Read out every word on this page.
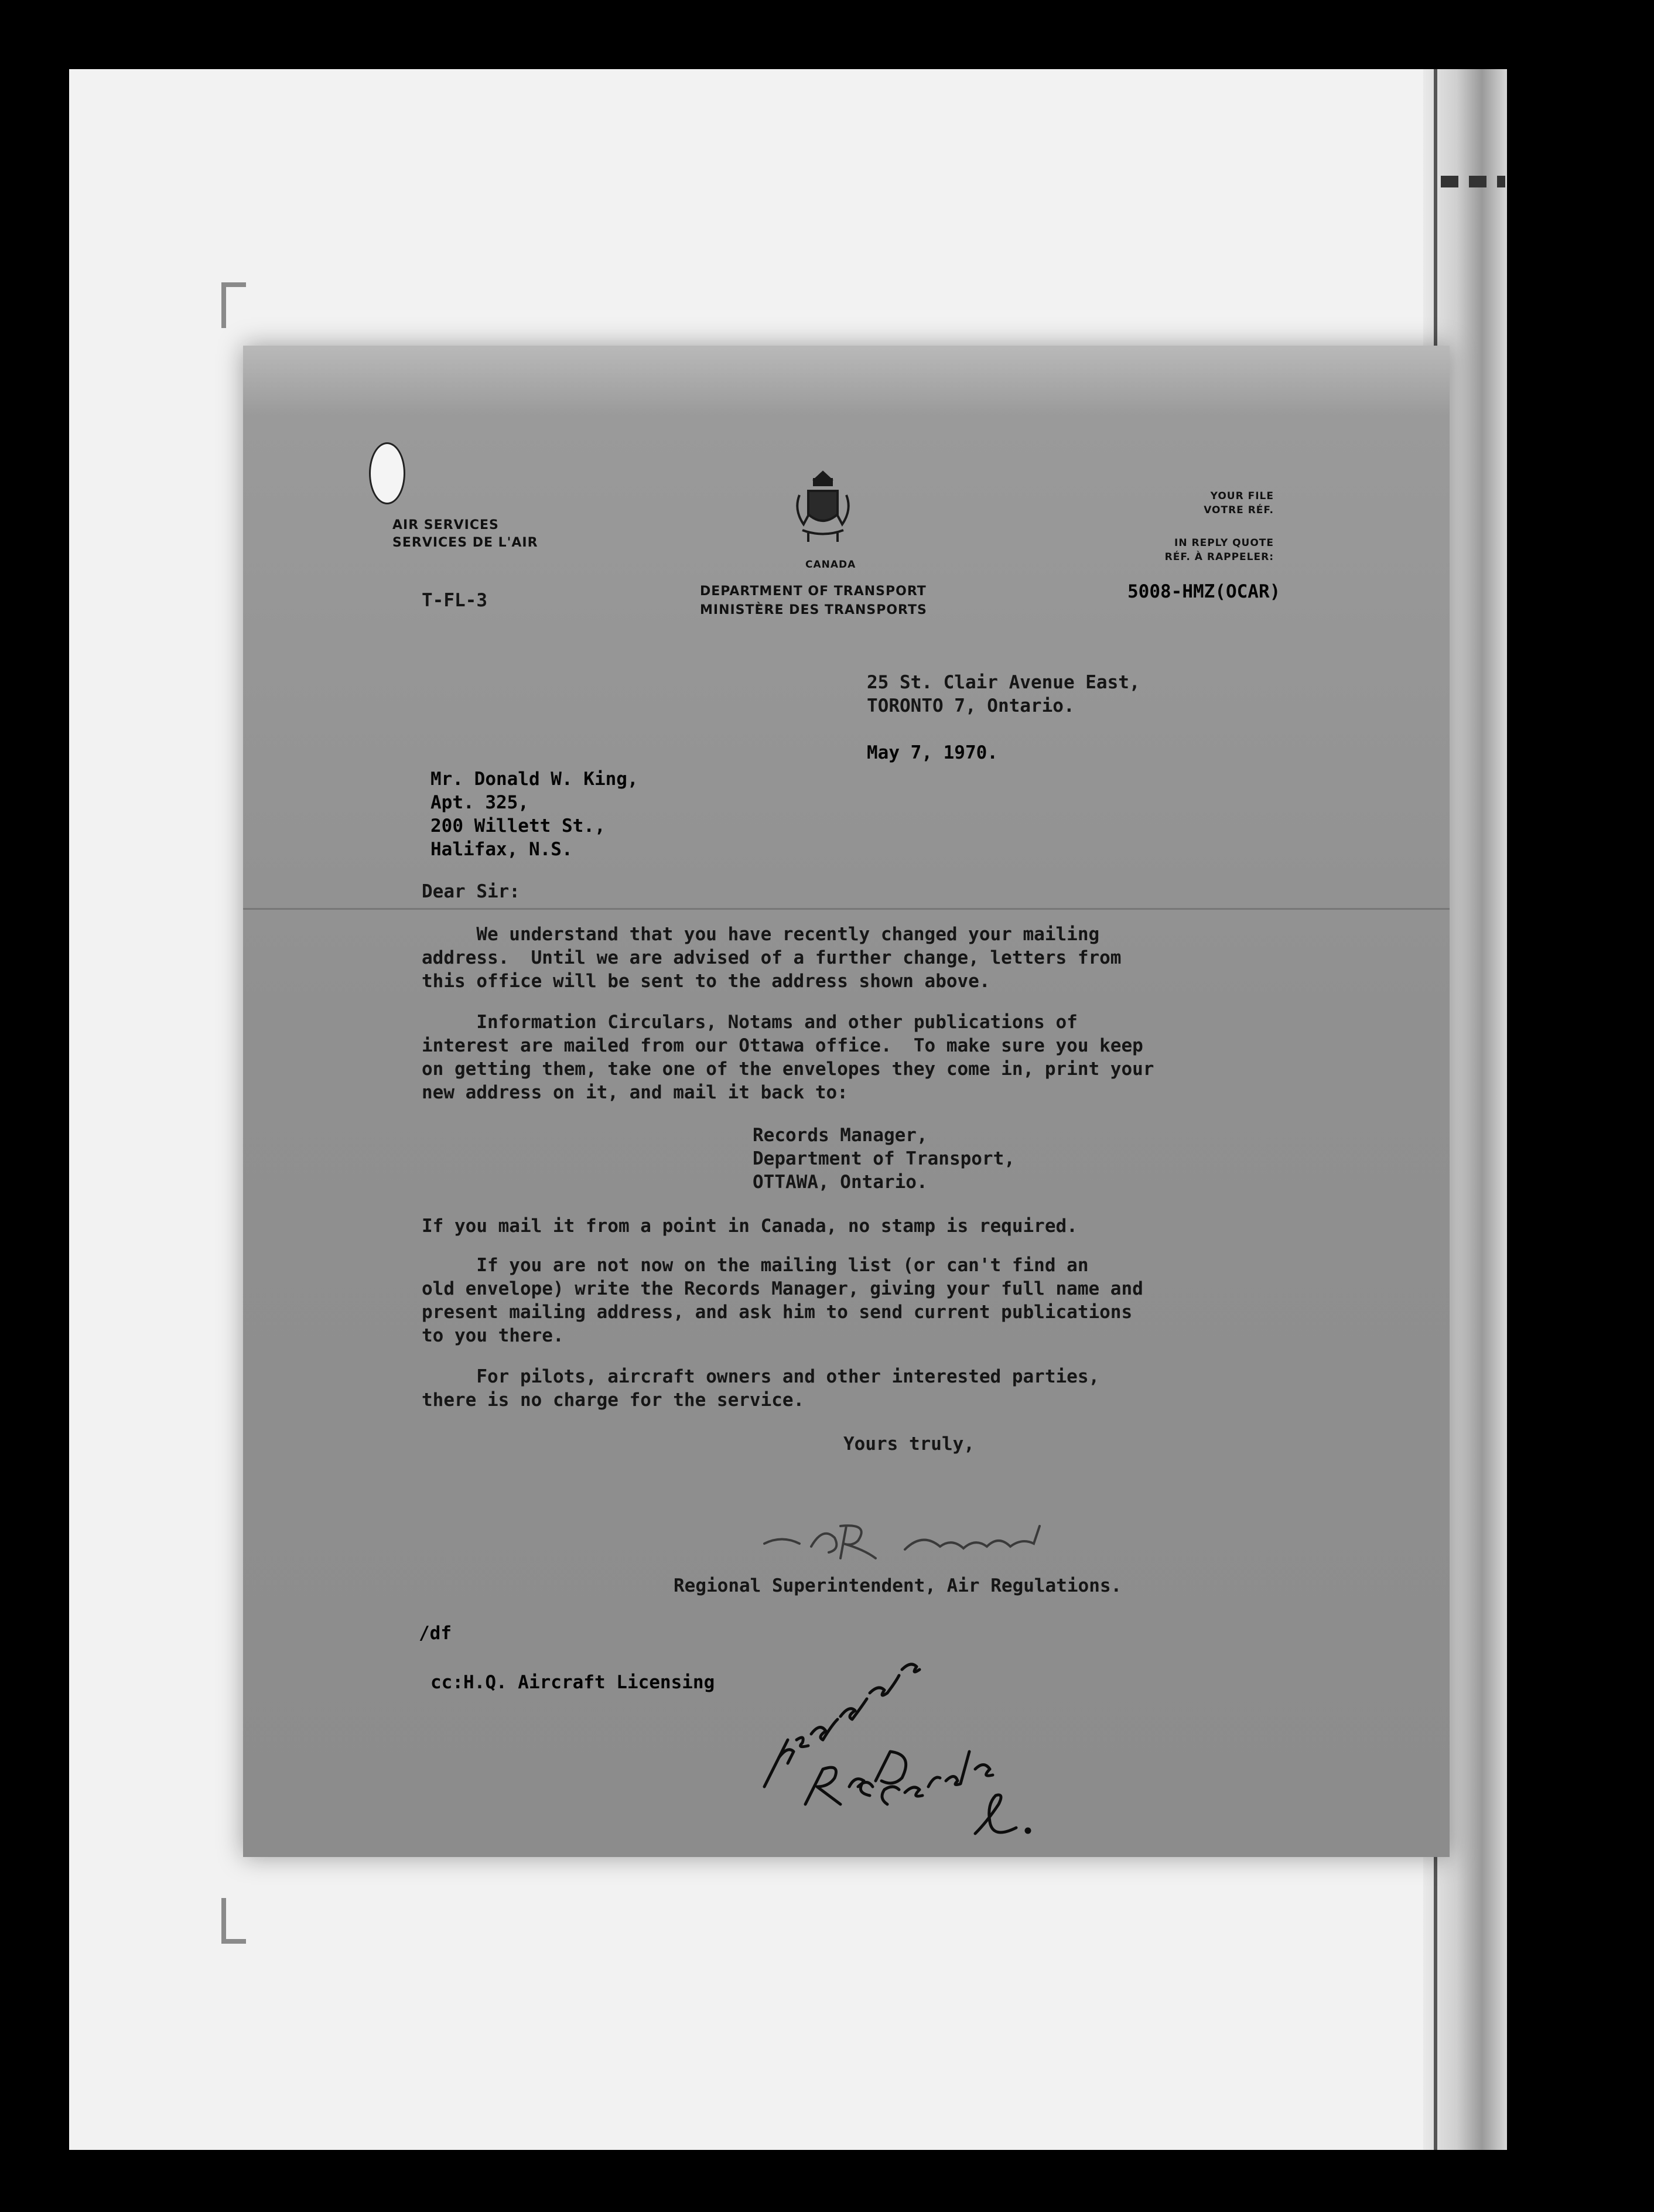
AIR SERVICES
SERVICES DE L'AIR
CANADA
DEPARTMENT OF TRANSPORT
MINISTÈRE DES TRANSPORTS
YOUR FILE
VOTRE RÉF.
IN REPLY QUOTE
RÉF. À RAPPELER:
T-FL-3	5008-HMZ(OCAR)
25 St. Clair Avenue East,
TORONTO 7, Ontario.
May 7, 1970.
Mr. Donald W. King,
Apt. 325,
200 Willett St.,
Halifax, N.S.
Dear Sir:
We understand that you have recently changed your mailing
address.  Until we are advised of a further change, letters from
this office will be sent to the address shown above.
Information Circulars, Notams and other publications of
interest are mailed from our Ottawa office.  To make sure you keep
on getting them, take one of the envelopes they come in, print your
new address on it, and mail it back to:
Records Manager,
Department of Transport,
OTTAWA, Ontario.
If you mail it from a point in Canada, no stamp is required.
If you are not now on the mailing list (or can't find an
old envelope) write the Records Manager, giving your full name and
present mailing address, and ask him to send current publications
to you there.
For pilots, aircraft owners and other interested parties,
there is no charge for the service.
Yours truly,
Regional Superintendent, Air Regulations.
/df
cc:H.Q. Aircraft Licensing
